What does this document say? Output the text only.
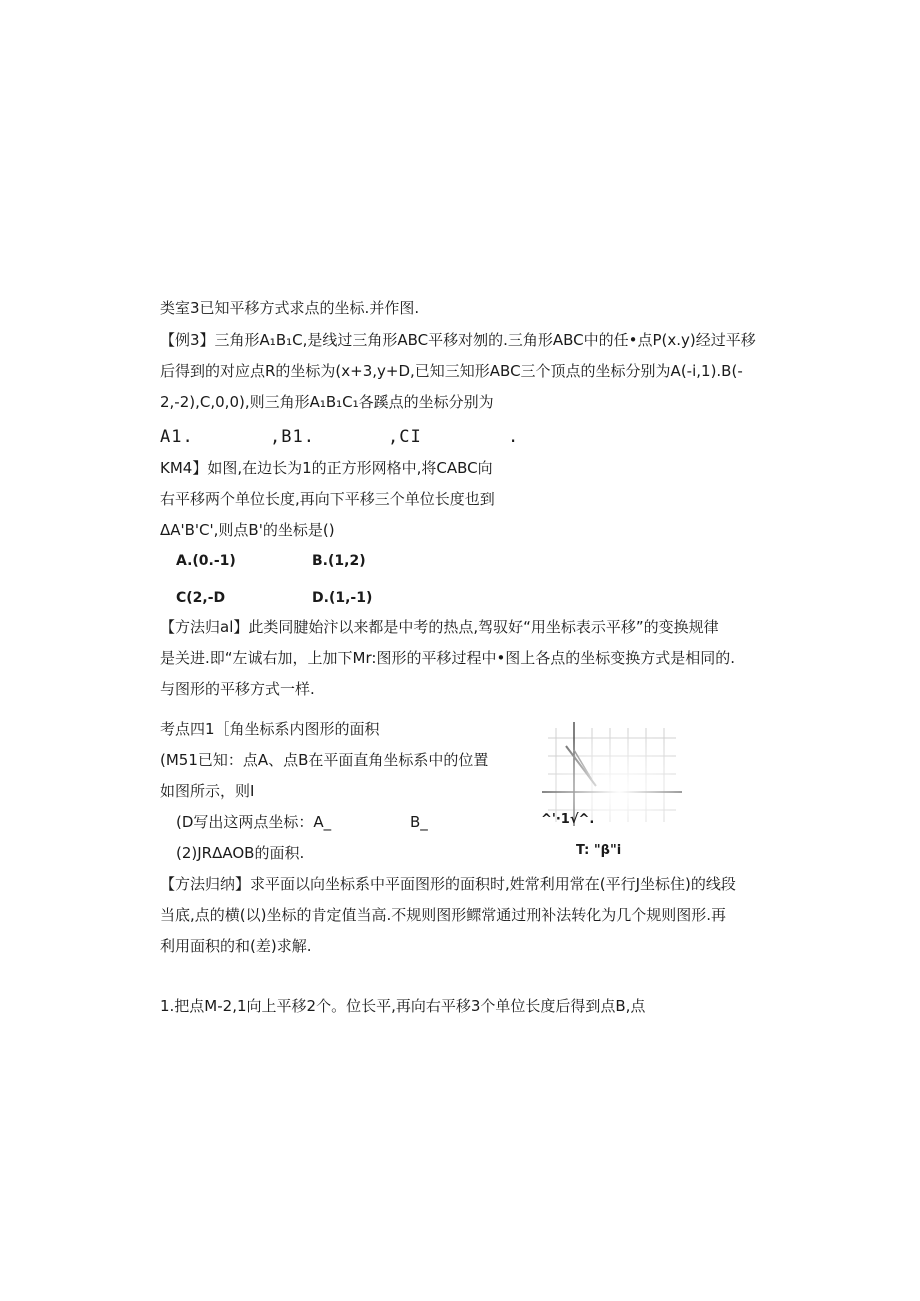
类室3已知平移方式求点的坐标.并作图.
【例3】三角形A₁B₁C,是线过三角形ABC平移对刎的.三角形ABC中的任•点P(x.y)经过平移
后得到的对应点R的坐标为(x+3,y+D,已知三知形ABC三个顶点的坐标分别为A(-i,1).B(-
2,-2),C,0,0),则三角形A₁B₁C₁各蹊点的坐标分别为
A1.	,B1.	,CI	.
KM4】如图,在边长为1的正方形网格中,将CABC向
右平移两个单位长度,再向下平移三个单位长度也到
ΔA'B'C',则点B'的坐标是()
A.(0.-1)	B.(1,2)
C(2,-D	D.(1,-1)
【方法归al】此类同腱始汴以来都是中考的热点,驾驭好“用坐标表示平移”的变换规律
是关进.即“左诚右加，上加下Mr:图形的平移过程中•图上各点的坐标变换方式是相同的.
与图形的平移方式一样.
考点四1［角坐标系内图形的面积
(M51已知：点A、点B在平面直角坐标系中的位置
如图所示，则I
(D写出这两点坐标：A_	B_
(2)JRΔAOB的面积.
^'·1√^.
T: "β"i
【方法归纳】求平面以向坐标系中平面图形的面积时,姓常利用常在(平行J坐标住)的线段
当底,点的横(以)坐标的肯定值当高.不规则图形鳏常通过刑补法转化为几个规则图形.再
利用面积的和(差)求解.
1.把点M-2,1向上平移2个。位长平,再向右平移3个单位长度后得到点B,点
